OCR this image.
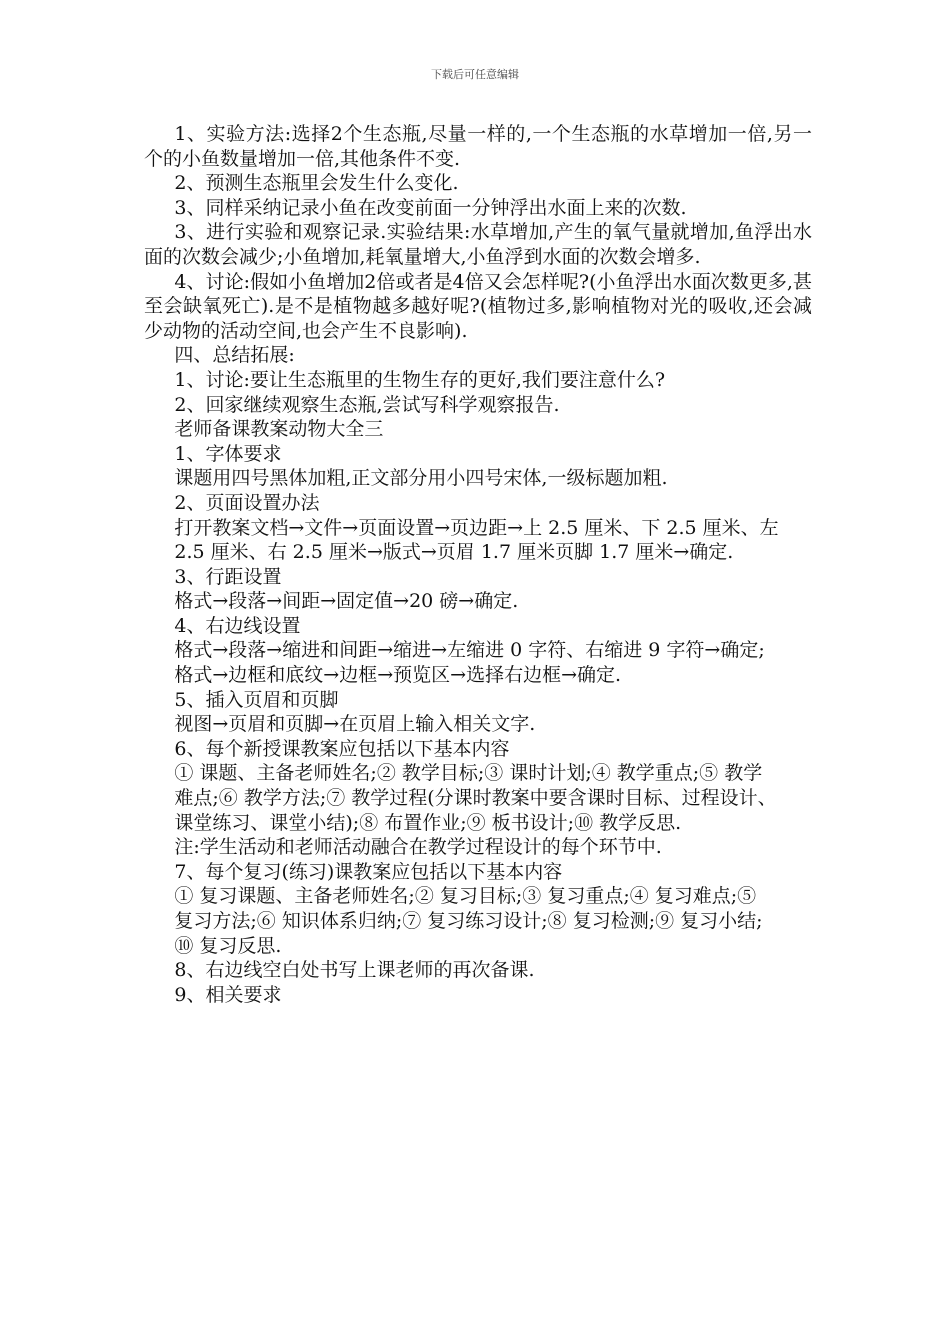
下载后可任意编辑

1、实验方法:选择2个生态瓶,尽量一样的,一个生态瓶的水草增加一倍,另一个的小鱼数量增加一倍,其他条件不变.

2、预测生态瓶里会发生什么变化.

3、同样采纳记录小鱼在改变前面一分钟浮出水面上来的次数.

3、进行实验和观察记录.实验结果:水草增加,产生的氧气量就增加,鱼浮出水面的次数会减少;小鱼增加,耗氧量增大,小鱼浮到水面的次数会增多.

4、讨论:假如小鱼增加2倍或者是4倍又会怎样呢?(小鱼浮出水面次数更多,甚至会缺氧死亡).是不是植物越多越好呢?(植物过多,影响植物对光的吸收,还会减少动物的活动空间,也会产生不良影响).

四、总结拓展:

1、讨论:要让生态瓶里的生物生存的更好,我们要注意什么?

2、回家继续观察生态瓶,尝试写科学观察报告.

老师备课教案动物大全三

1、字体要求

课题用四号黑体加粗,正文部分用小四号宋体,一级标题加粗.

2、页面设置办法

打开教案文档→文件→页面设置→页边距→上 2.5 厘米、下 2.5 厘米、左

2.5 厘米、右 2.5 厘米→版式→页眉 1.7 厘米页脚 1.7 厘米→确定.

3、行距设置

格式→段落→间距→固定值→20 磅→确定.

4、右边线设置

格式→段落→缩进和间距→缩进→左缩进 0 字符、右缩进 9 字符→确定;

格式→边框和底纹→边框→预览区→选择右边框→确定.

5、插入页眉和页脚

视图→页眉和页脚→在页眉上输入相关文字.

6、每个新授课教案应包括以下基本内容

① 课题、主备老师姓名;② 教学目标;③ 课时计划;④ 教学重点;⑤ 教学

难点;⑥ 教学方法;⑦ 教学过程(分课时教案中要含课时目标、过程设计、

课堂练习、课堂小结);⑧ 布置作业;⑨ 板书设计;⑩ 教学反思.

注:学生活动和老师活动融合在教学过程设计的每个环节中.

7、每个复习(练习)课教案应包括以下基本内容

① 复习课题、主备老师姓名;② 复习目标;③ 复习重点;④ 复习难点;⑤

复习方法;⑥ 知识体系归纳;⑦ 复习练习设计;⑧ 复习检测;⑨ 复习小结;

⑩ 复习反思.

8、右边线空白处书写上课老师的再次备课.

9、相关要求
